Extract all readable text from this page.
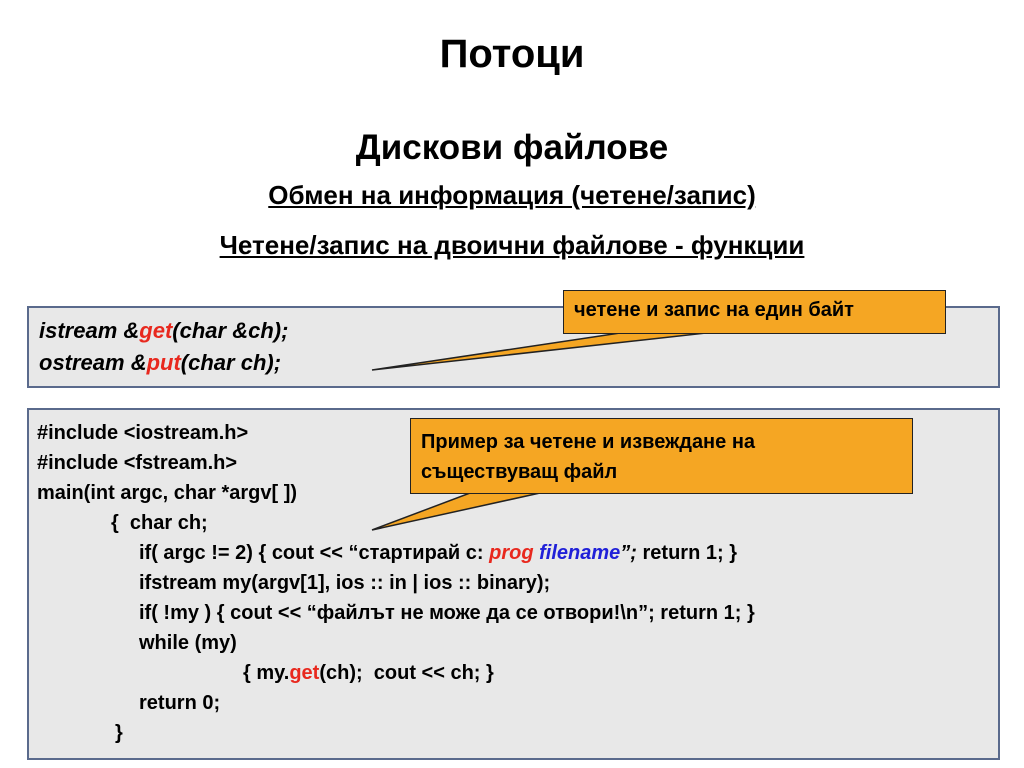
Потоци
Дискови файлове
Обмен на информация (четене/запис)
Четене/запис на двоични файлове - функции
istream &get(char &ch);
ostream &put(char ch);
#include <iostream.h>
#include <fstream.h>
main(int argc, char *argv[ ])
{  char ch;
if( argc != 2) { cout << “стартирай с: prog filename”; return 1; }
ifstream my(argv[1], ios :: in | ios :: binary);
if( !my ) { cout << “файлът не може да се отвори!\n”; return 1; }
while (my)
{ my.get(ch);  cout << ch; }
return 0;
}
четене и запис на един байт
Пример за четене и извеждане на
съществуващ файл
